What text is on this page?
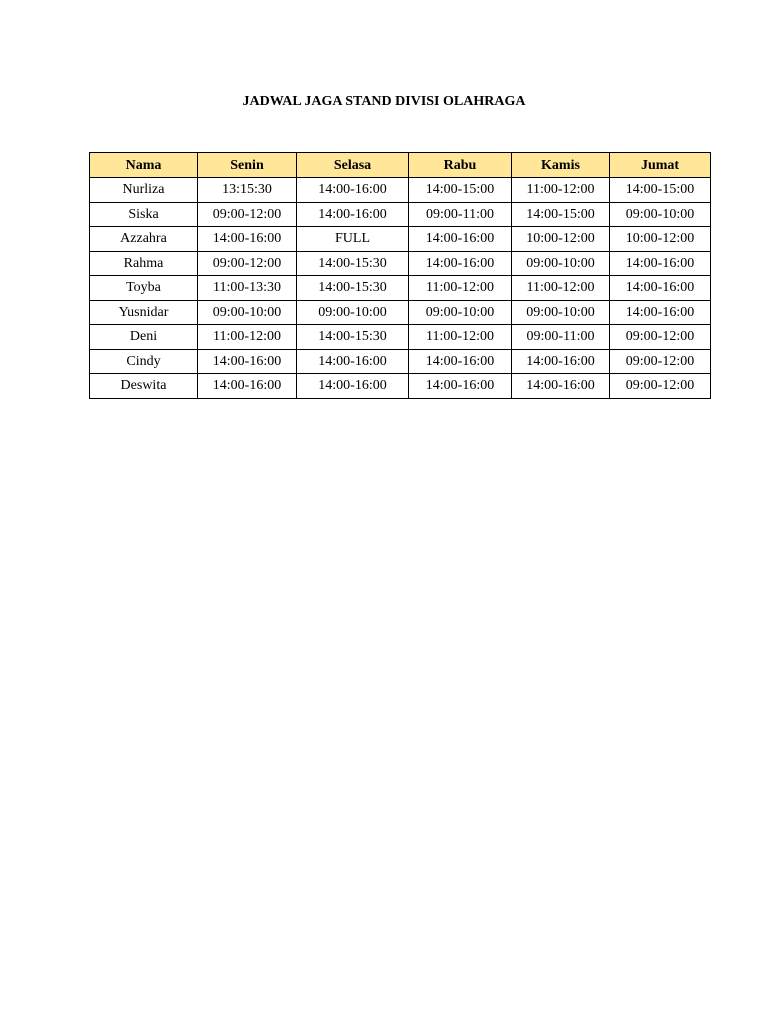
JADWAL JAGA STAND DIVISI OLAHRAGA
Nama	Senin	Selasa	Rabu	Kamis	Jumat
Nurliza	13:15:30	14:00-16:00	14:00-15:00	11:00-12:00	14:00-15:00
Siska	09:00-12:00	14:00-16:00	09:00-11:00	14:00-15:00	09:00-10:00
Azzahra	14:00-16:00	FULL	14:00-16:00	10:00-12:00	10:00-12:00
Rahma	09:00-12:00	14:00-15:30	14:00-16:00	09:00-10:00	14:00-16:00
Toyba	11:00-13:30	14:00-15:30	11:00-12:00	11:00-12:00	14:00-16:00
Yusnidar	09:00-10:00	09:00-10:00	09:00-10:00	09:00-10:00	14:00-16:00
Deni	11:00-12:00	14:00-15:30	11:00-12:00	09:00-11:00	09:00-12:00
Cindy	14:00-16:00	14:00-16:00	14:00-16:00	14:00-16:00	09:00-12:00
Deswita	14:00-16:00	14:00-16:00	14:00-16:00	14:00-16:00	09:00-12:00
